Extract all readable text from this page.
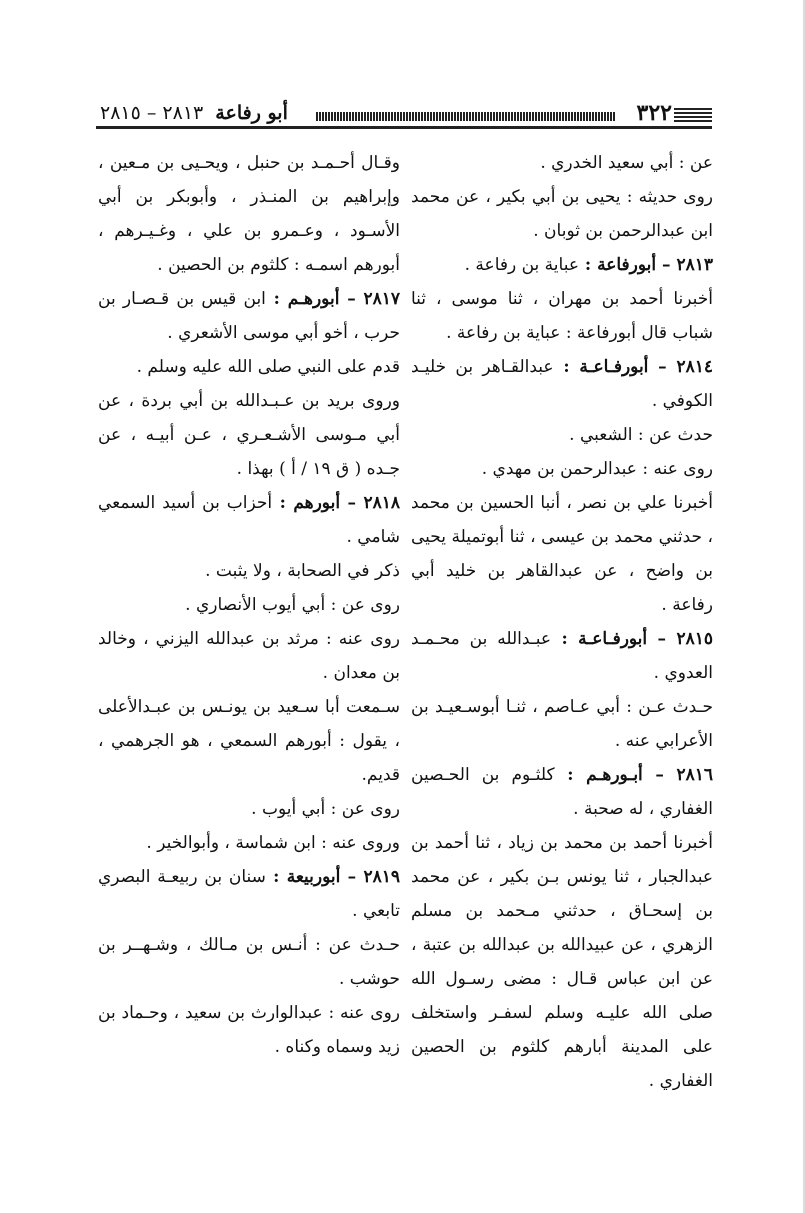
٣٢٢
أبو رفاعة ٢٨١٣ – ٢٨١٥

عن : أبي سعيد الخدري .

روى حديثه : يحيى بن أبي بكير ، عن محمد ابن عبدالرحمن بن ثوبان .

٢٨١٣ – أبورفاعة : عباية بن رفاعة .

أخبرنا أحمد بن مهران ، ثنا موسى ، ثنا شباب قال أبورفاعة : عباية بن رفاعة .

٢٨١٤ – أبورفـاعـة : عبدالقـاهر بن خليـد الكوفي .

حدث عن : الشعبي .

روى عنه : عبدالرحمن بن مهدي .

أخبرنا علي بن نصر ، أنبا الحسين بن محمد ، حدثني محمد بن عيسى ، ثنا أبوتميلة يحيى بن واضح ، عن عبدالقاهر بن خليد أبي رفاعة .

٢٨١٥ – أبورفـاعـة : عبـدالله بن محـمـد العدوي .

حـدث عـن : أبي عـاصم ، ثنـا أبوسـعيـد بن الأعرابي عنه .

٢٨١٦ – أبـورهـم : كلثـوم بن الحـصين الغفاري ، له صحبة .

أخبرنا أحمد بن محمد بن زياد ، ثنا أحمد بن عبدالجبار ، ثنا يونس بـن بكير ، عن محمد بن إسحـاق ، حدثني مـحمد بن مسلم الزهري ، عن عبيدالله بن عبدالله بن عتبة ، عن ابن عباس قـال : مضى رسـول الله صلى الله عليـه وسلم لسفـر واستخلف على المدينة أبارهم كلثوم بن الحصين الغفاري .

وقـال أحـمـد بن حنبل ، ويحـيى بن مـعين ، وإبراهيم بن المنـذر ، وأبوبكر بن أبي الأسـود ، وعـمرو بن علي ، وغـيـرهم ، أبورهم اسمـه : كلثوم بن الحصين .

٢٨١٧ – أبورهـم : ابن قيس بن قـصـار بن حرب ، أخو أبي موسى الأشعري .

قدم على النبي صلى الله عليه وسلم .

وروى بريد بن عـبـدالله بن أبي بردة ، عن أبي مـوسى الأشـعـري ، عـن أبيـه ، عن جـده ( ق ١٩ / أ ) بهذا .

٢٨١٨ – أبورهم : أحزاب بن أسيد السمعي شامي .

ذكر في الصحابة ، ولا يثبت .

روى عن : أبي أيوب الأنصاري .

روى عنه : مرثد بن عبدالله اليزني ، وخالد بن معدان .

سـمعت أبا سـعيد بن يونـس بن عبـدالأعلى ، يقول : أبورهم السمعي ، هو الجرهمي ، قديم.

روى عن : أبي أيوب .

وروى عنه : ابن شماسة ، وأبوالخير .

٢٨١٩ – أبوربيعة : سنان بن ربيعـة البصري تابعي .

حـدث عن : أنـس بن مـالك ، وشـهــر بن حوشب .

روى عنه : عبدالوارث بن سعيد ، وحـماد بن زيد وسماه وكناه .
